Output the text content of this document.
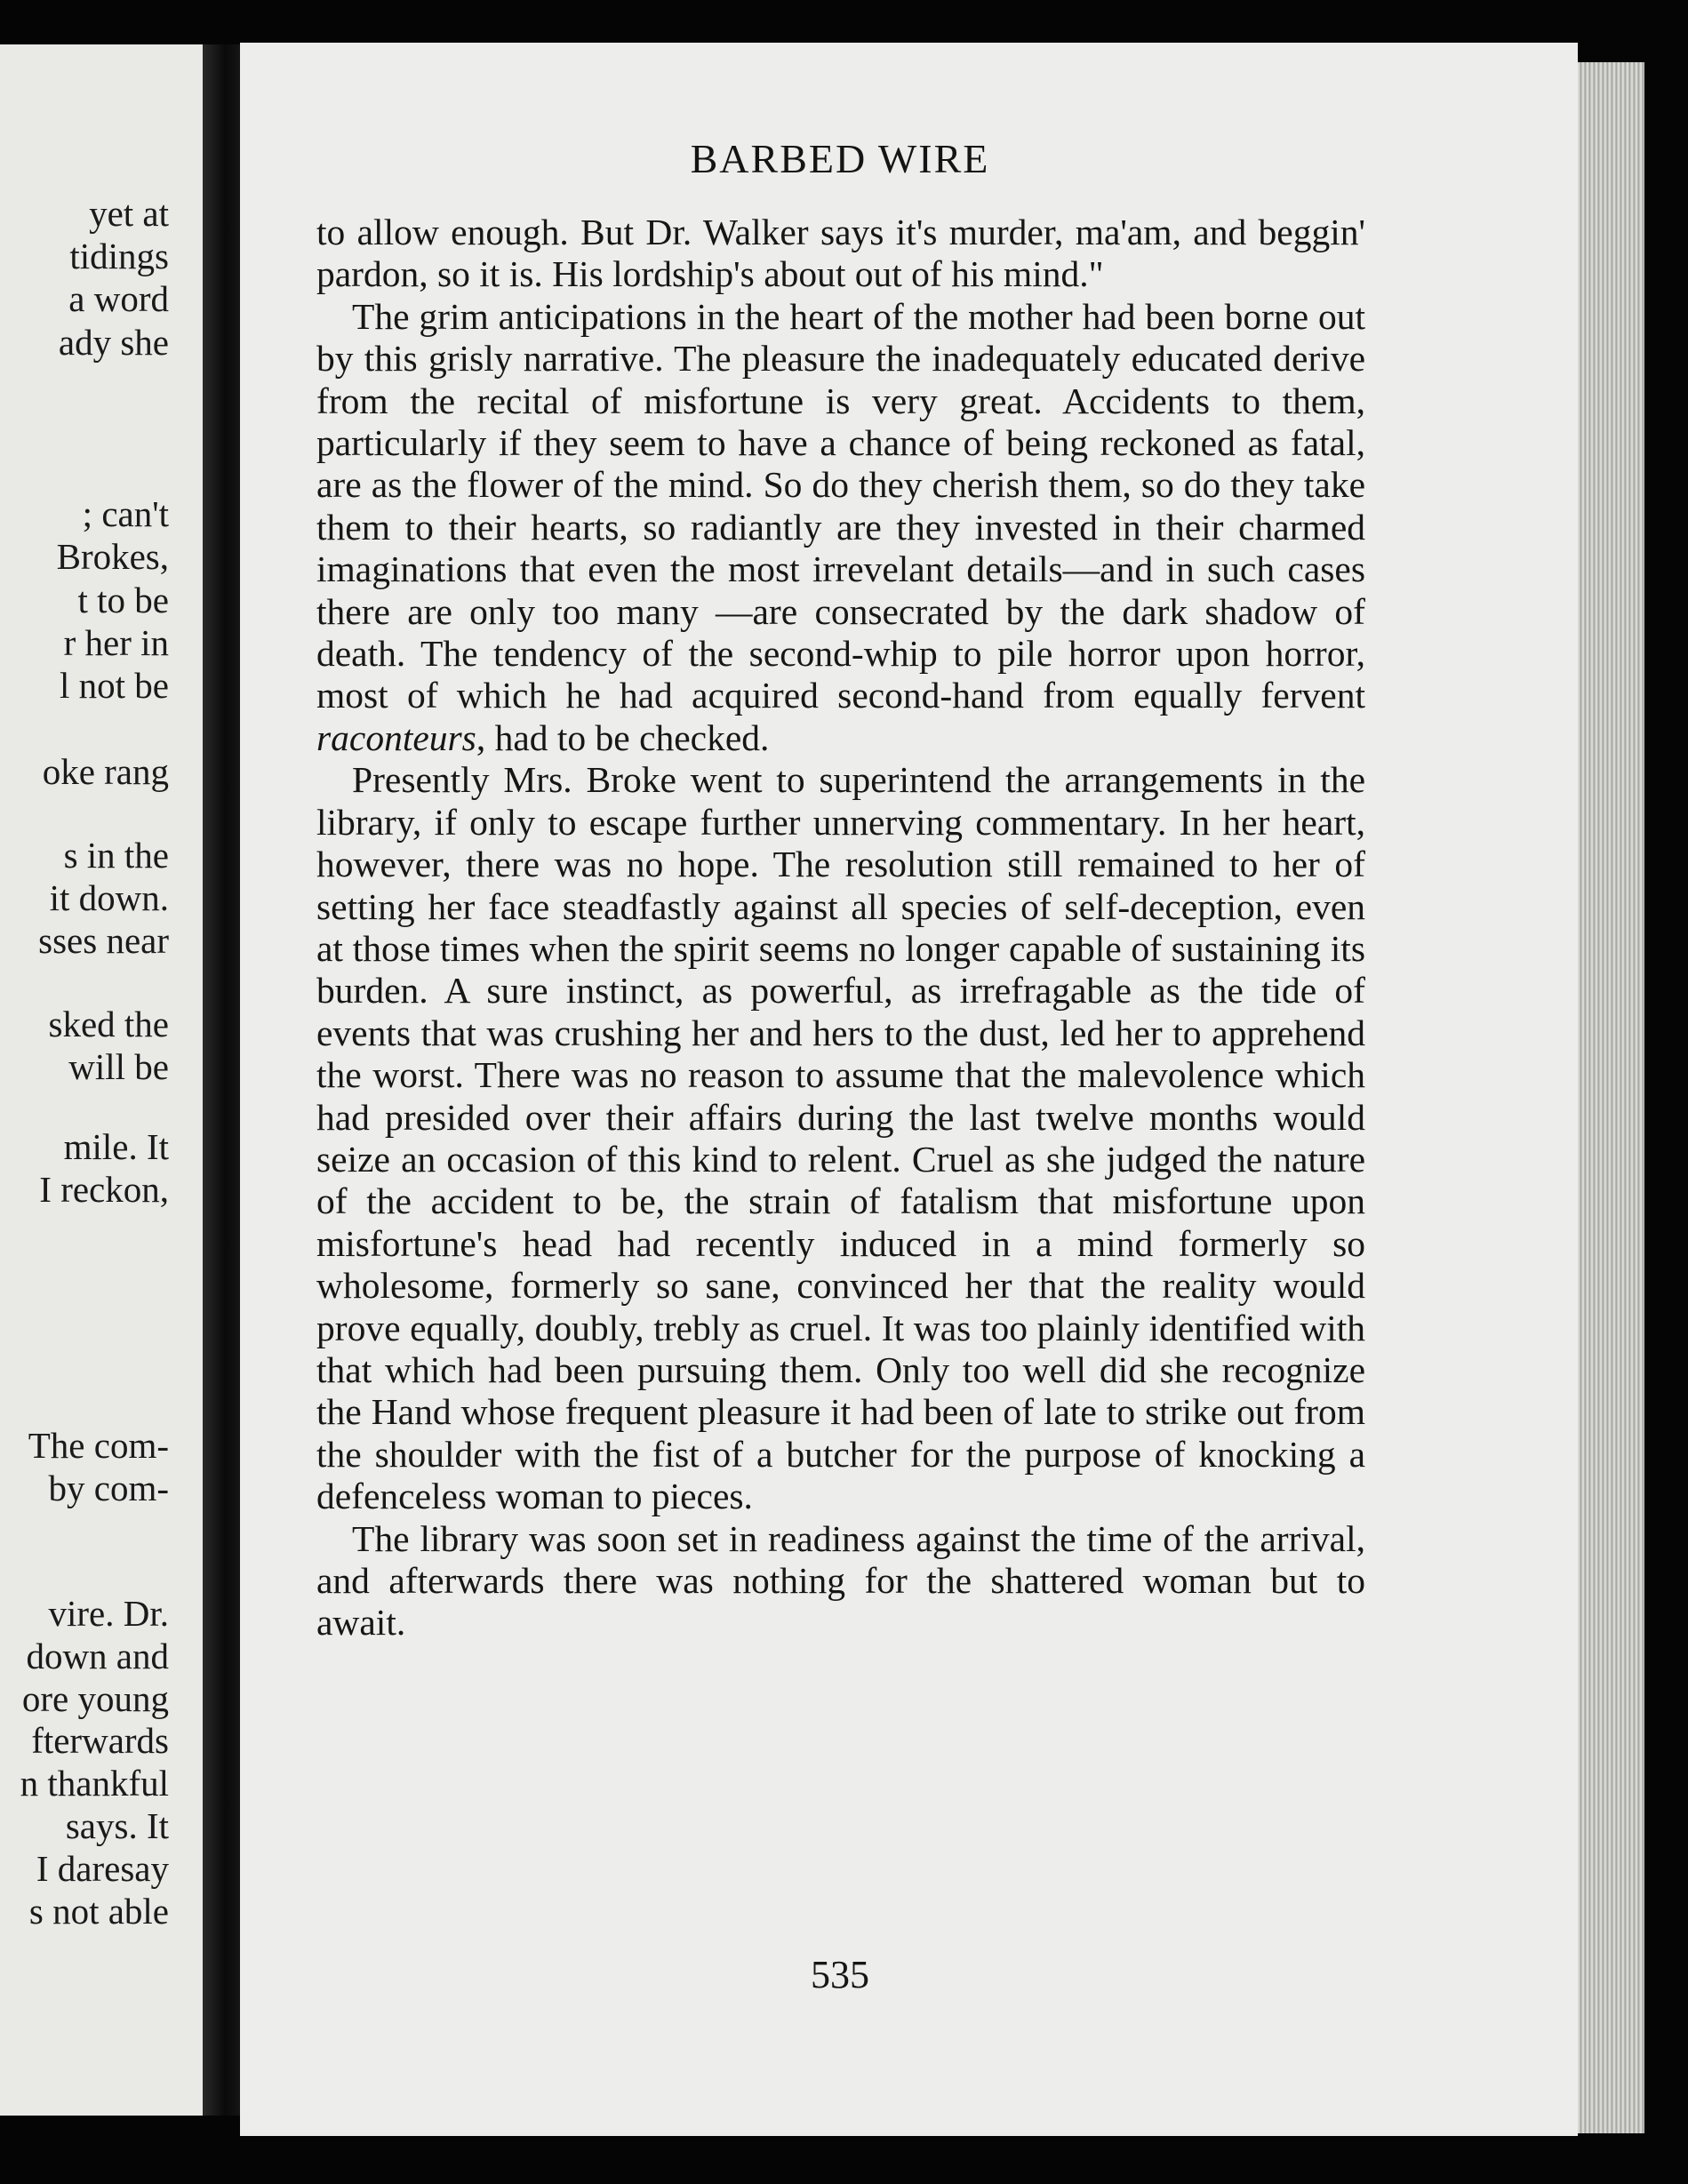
yet at
tidings
a word
ady she
; can't
Brokes,
t to be
r her in
l not be
oke rang
s in the
it down.
sses near
sked the
will be
mile. It
I reckon,
The com-
by com-
vire. Dr.
down and
ore young
fterwards
n thankful
says. It
I daresay
s not able
BARBED WIRE

to allow enough. But Dr. Walker says it's murder, ma'am, and beggin' pardon, so it is. His lordship's about out of his mind."

The grim anticipations in the heart of the mother had been borne out by this grisly narrative. The pleasure the inadequately educated derive from the recital of misfortune is very great. Accidents to them, particularly if they seem to have a chance of being reckoned as fatal, are as the flower of the mind. So do they cherish them, so do they take them to their hearts, so radiantly are they invested in their charmed imaginations that even the most irrevelant details—and in such cases there are only too many —are consecrated by the dark shadow of death. The tendency of the second-whip to pile horror upon horror, most of which he had acquired second-hand from equally fervent raconteurs, had to be checked.

Presently Mrs. Broke went to superintend the arrangements in the library, if only to escape further unnerving commentary. In her heart, however, there was no hope. The resolution still remained to her of setting her face steadfastly against all species of self-deception, even at those times when the spirit seems no longer capable of sustaining its burden. A sure instinct, as powerful, as irrefragable as the tide of events that was crushing her and hers to the dust, led her to apprehend the worst. There was no reason to assume that the malevolence which had presided over their affairs during the last twelve months would seize an occasion of this kind to relent. Cruel as she judged the nature of the accident to be, the strain of fatalism that misfortune upon misfortune's head had recently induced in a mind formerly so wholesome, formerly so sane, convinced her that the reality would prove equally, doubly, trebly as cruel. It was too plainly identified with that which had been pursuing them. Only too well did she recognize the Hand whose frequent pleasure it had been of late to strike out from the shoulder with the fist of a butcher for the purpose of knocking a defenceless woman to pieces.

The library was soon set in readiness against the time of the arrival, and afterwards there was nothing for the shattered woman but to await.

535
